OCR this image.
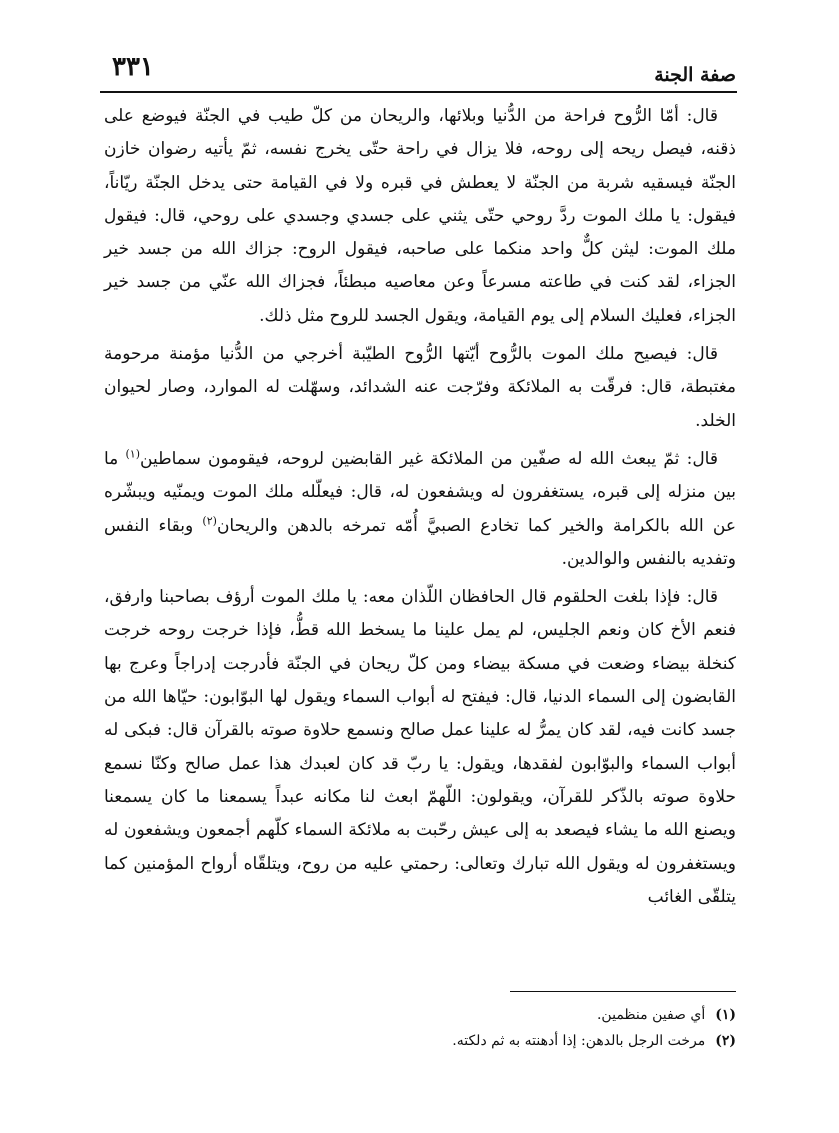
صفة الجنة
٣٣١

قال: أمّا الرُّوح فراحة من الدُّنيا وبلائها، والريحان من كلّ طيب في الجنّة فيوضع على ذقنه، فيصل ريحه إلى روحه، فلا يزال في راحة حتّى يخرج نفسه، ثمّ يأتيه رضوان خازن الجنّة فيسقيه شربة من الجنّة لا يعطش في قبره ولا في القيامة حتى يدخل الجنّة ريّاناً، فيقول: يا ملك الموت ردَّ روحي حتّى يثني على جسدي وجسدي على روحي، قال: فيقول ملك الموت: ليثن كلٌّ واحد منكما على صاحبه، فيقول الروح: جزاك الله من جسد خير الجزاء، لقد كنت في طاعته مسرعاً وعن معاصيه مبطئاً، فجزاك الله عنّي من جسد خير الجزاء، فعليك السلام إلى يوم القيامة، ويقول الجسد للروح مثل ذلك.

قال: فيصيح ملك الموت بالرُّوح أيّتها الرُّوح الطيّبة أخرجي من الدُّنيا مؤمنة مرحومة مغتبطة، قال: فرقّت به الملائكة وفرّجت عنه الشدائد، وسهّلت له الموارد، وصار لحيوان الخلد.

قال: ثمّ يبعث الله له صفّين من الملائكة غير القابضين لروحه، فيقومون سماطين$^{(١)}$ ما بين منزله إلى قبره، يستغفرون له ويشفعون له، قال: فيعلّله ملك الموت ويمنّيه ويبشّره عن الله بالكرامة والخير كما تخادع الصبيَّ أُمّه تمرخه بالدهن والريحان$^{(٢)}$ وبقاء النفس وتفديه بالنفس والوالدين.

قال: فإذا بلغت الحلقوم قال الحافظان اللّذان معه: يا ملك الموت أرؤف بصاحبنا وارفق، فنعم الأخ كان ونعم الجليس، لم يمل علينا ما يسخط الله قطُّ، فإذا خرجت روحه خرجت كنخلة بيضاء وضعت في مسكة بيضاء ومن كلّ ريحان في الجنّة فأدرجت إدراجاً وعرج بها القابضون إلى السماء الدنيا، قال: فيفتح له أبواب السماء ويقول لها البوّابون: حيّاها الله من جسد كانت فيه، لقد كان يمرُّ له علينا عمل صالح ونسمع حلاوة صوته بالقرآن قال: فبكى له أبواب السماء والبوّابون لفقدها، ويقول: يا ربّ قد كان لعبدك هذا عمل صالح وكنّا نسمع حلاوة صوته بالذّكر للقرآن، ويقولون: اللّهمّ ابعث لنا مكانه عبداً يسمعنا ما كان يسمعنا ويصنع الله ما يشاء فيصعد به إلى عيش رحّبت به ملائكة السماء كلّهم أجمعون ويشفعون له ويستغفرون له ويقول الله تبارك وتعالى: رحمتي عليه من روح، ويتلقّاه أرواح المؤمنين كما يتلقّى الغائب

(١)أي صفين منظمين.

(٢)مرخت الرجل بالدهن: إذا أدهنته به ثم دلكته.
